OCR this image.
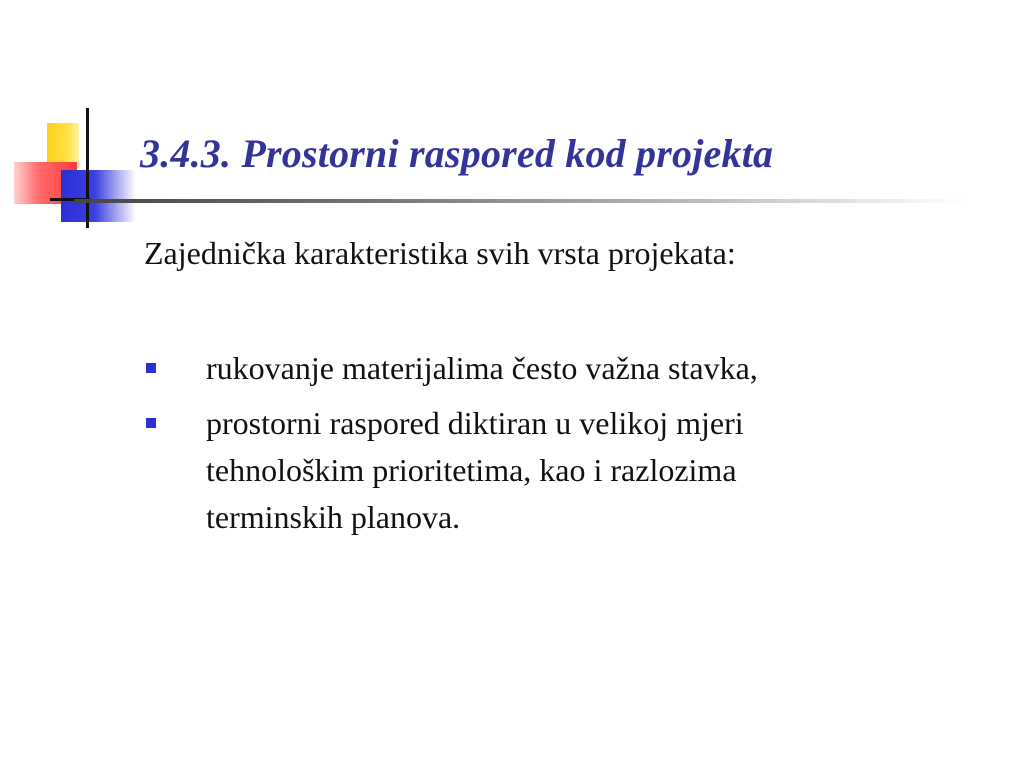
3.4.3. Prostorni raspored kod projekta
Zajednička karakteristika svih vrsta projekata:
rukovanje materijalima često važna stavka,
prostorni raspored diktiran u velikoj mjeri
tehnološkim prioritetima, kao i razlozima
terminskih planova.
